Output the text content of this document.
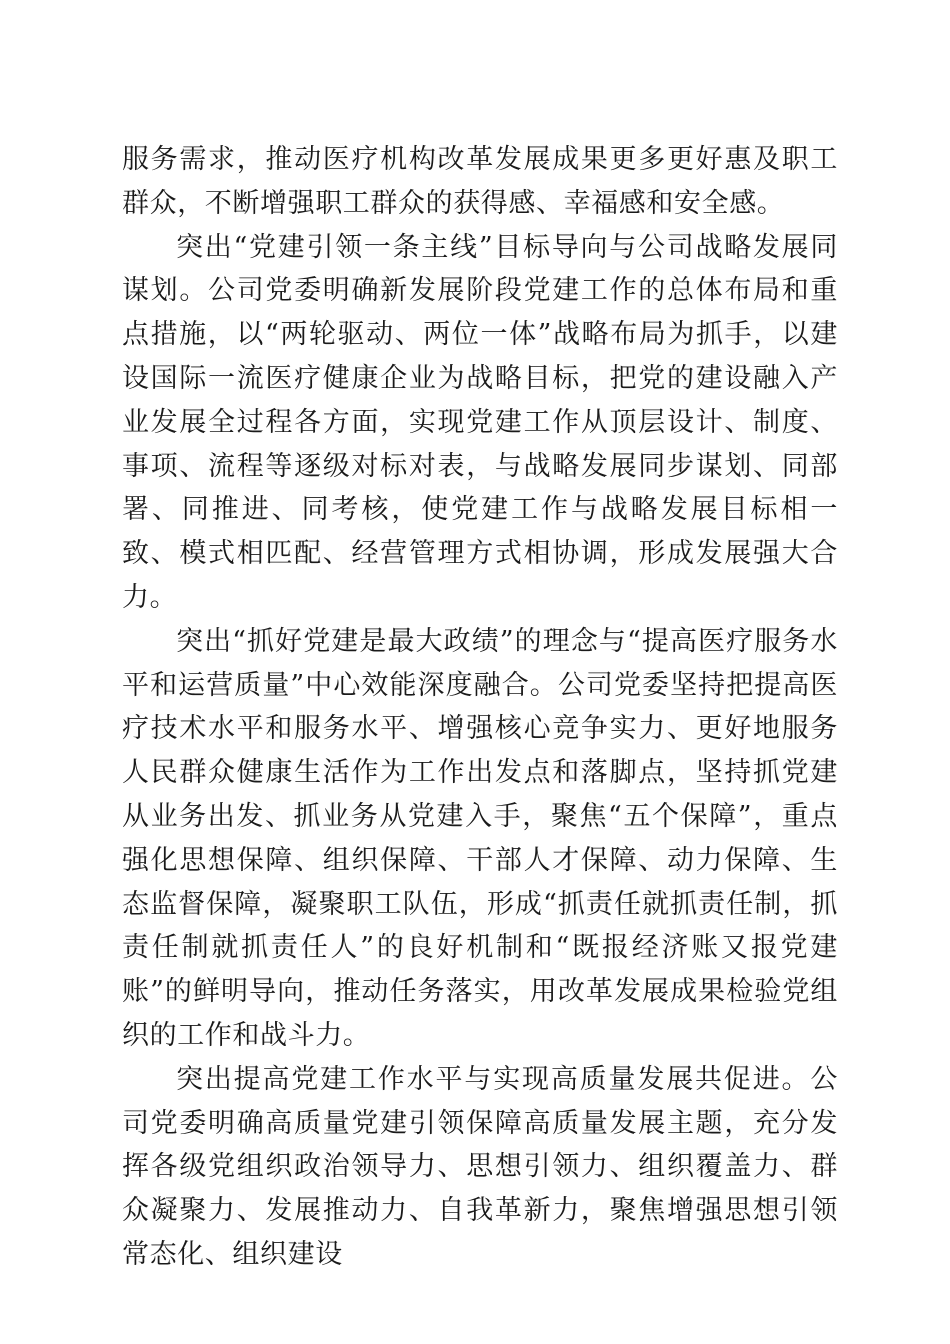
服务需求，推动医疗机构改革发展成果更多更好惠及职工群众，不断增强职工群众的获得感、幸福感和安全感。

突出“党建引领一条主线”目标导向与公司战略发展同谋划。公司党委明确新发展阶段党建工作的总体布局和重点措施，以“两轮驱动、两位一体”战略布局为抓手，以建设国际一流医疗健康企业为战略目标，把党的建设融入产业发展全过程各方面，实现党建工作从顶层设计、制度、事项、流程等逐级对标对表，与战略发展同步谋划、同部署、同推进、同考核，使党建工作与战略发展目标相一致、模式相匹配、经营管理方式相协调，形成发展强大合力。

突出“抓好党建是最大政绩”的理念与“提高医疗服务水平和运营质量”中心效能深度融合。公司党委坚持把提高医疗技术水平和服务水平、增强核心竞争实力、更好地服务人民群众健康生活作为工作出发点和落脚点，坚持抓党建从业务出发、抓业务从党建入手，聚焦“五个保障”，重点强化思想保障、组织保障、干部人才保障、动力保障、生态监督保障，凝聚职工队伍，形成“抓责任就抓责任制，抓责任制就抓责任人”的良好机制和“既报经济账又报党建账”的鲜明导向，推动任务落实，用改革发展成果检验党组织的工作和战斗力。

突出提高党建工作水平与实现高质量发展共促进。公司党委明确高质量党建引领保障高质量发展主题，充分发挥各级党组织政治领导力、思想引领力、组织覆盖力、群众凝聚力、发展推动力、自我革新力，聚焦增强思想引领常态化、组织建设
